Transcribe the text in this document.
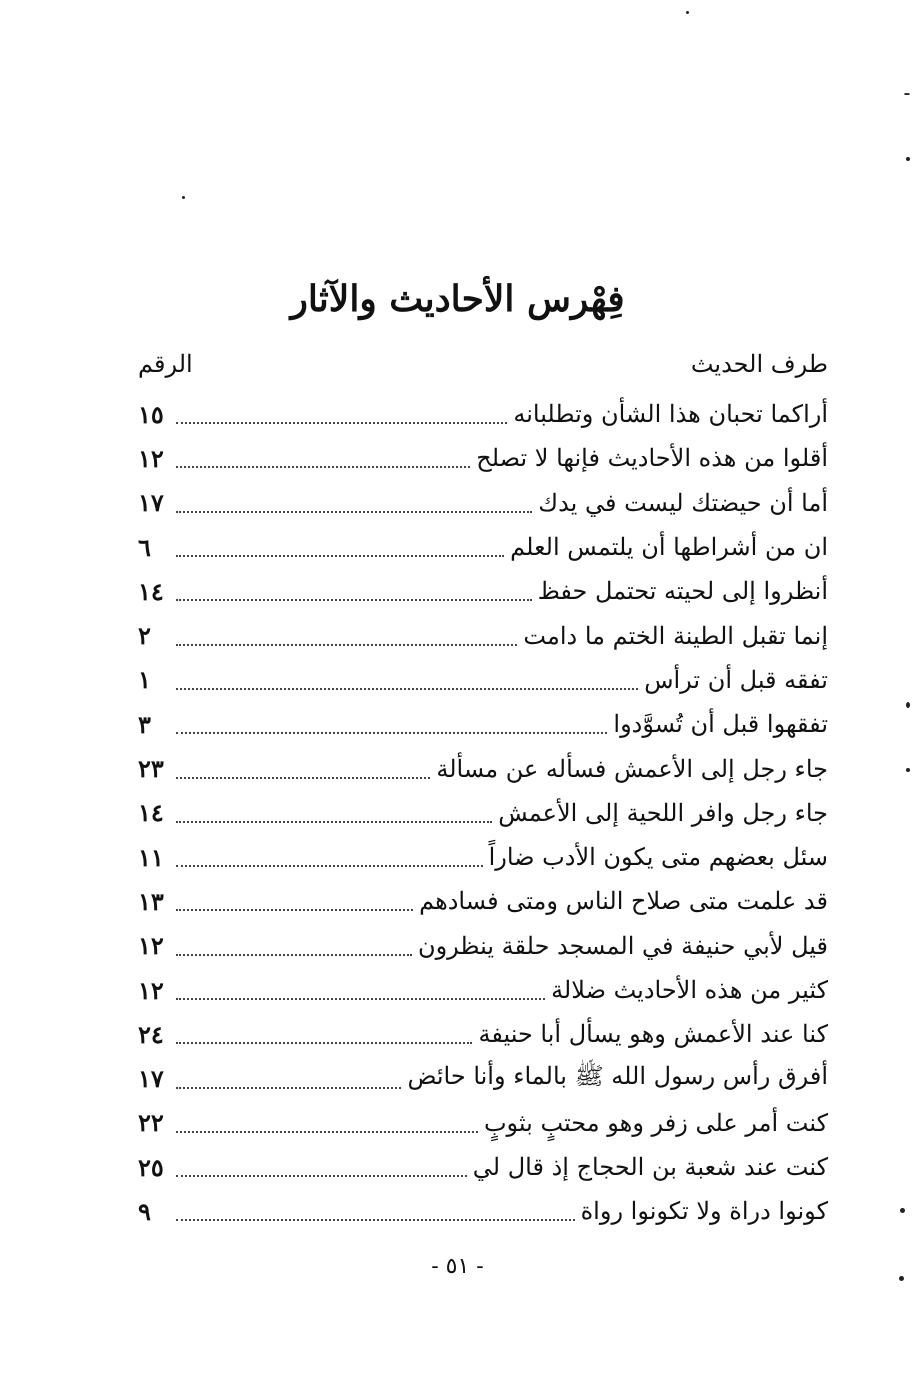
فِهْرس الأحاديث والآثار
طرف الحديث
الرقم
أراكما تحبان هذا الشأن وتطلبانه
١٥
أقلوا من هذه الأحاديث فإنها لا تصلح
١٢
أما أن حيضتك ليست في يدك
١٧
ان من أشراطها أن يلتمس العلم
٦
أنظروا إلى لحيته تحتمل حفظ
١٤
إنما تقبل الطينة الختم ما دامت
٢
تفقه قبل أن ترأس
١
تفقهوا قبل أن تُسوَّدوا
٣
جاء رجل إلى الأعمش فسأله عن مسألة
٢٣
جاء رجل وافر اللحية إلى الأعمش
١٤
سئل بعضهم متى يكون الأدب ضاراً
١١
قد علمت متى صلاح الناس ومتى فسادهم
١٣
قيل لأبي حنيفة في المسجد حلقة ينظرون
١٢
كثير من هذه الأحاديث ضلالة
١٢
كنا عند الأعمش وهو يسأل أبا حنيفة
٢٤
أفرق رأس رسول الله ﷺ بالماء وأنا حائض
١٧
كنت أمر على زفر وهو محتبٍ بثوبٍ
٢٢
كنت عند شعبة بن الحجاج إذ قال لي
٢٥
كونوا دراة ولا تكونوا رواة
٩
- ٥١ -
